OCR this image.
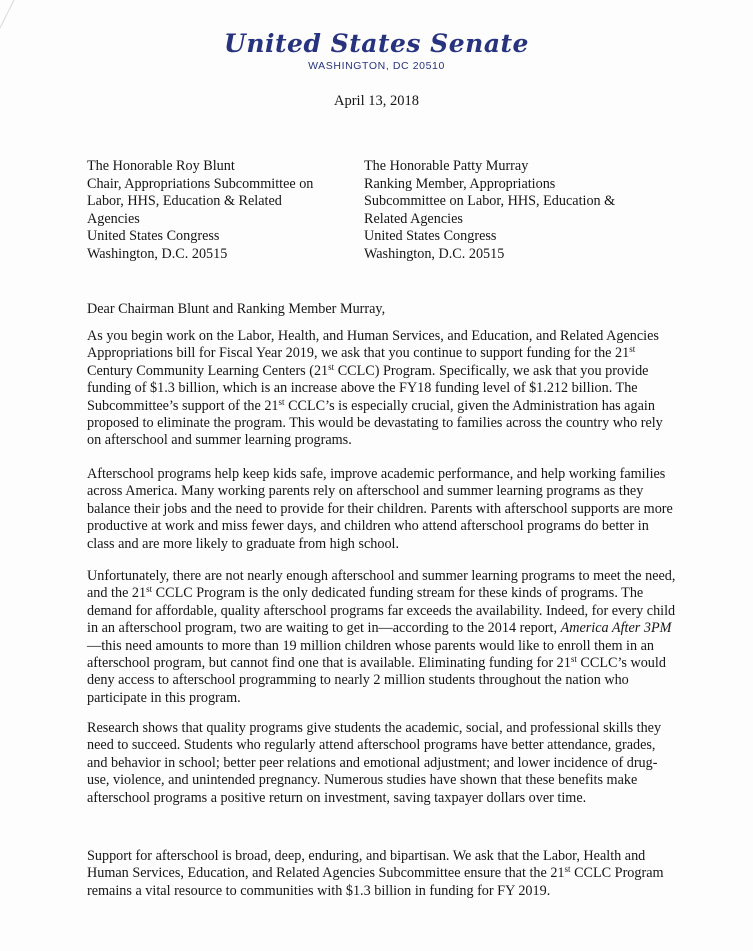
United States Senate
WASHINGTON, DC 20510
April 13, 2018
The Honorable Roy Blunt
Chair, Appropriations Subcommittee on
Labor, HHS, Education & Related
Agencies
United States Congress
Washington, D.C. 20515
The Honorable Patty Murray
Ranking Member, Appropriations
Subcommittee on Labor, HHS, Education &
Related Agencies
United States Congress
Washington, D.C. 20515
Dear Chairman Blunt and Ranking Member Murray,
As you begin work on the Labor, Health, and Human Services, and Education, and Related Agencies Appropriations bill for Fiscal Year 2019, we ask that you continue to support funding for the 21st Century Community Learning Centers (21st CCLC) Program. Specifically, we ask that you provide funding of $1.3 billion, which is an increase above the FY18 funding level of $1.212 billion. The Subcommittee’s support of the 21st CCLC’s is especially crucial, given the Administration has again proposed to eliminate the program. This would be devastating to families across the country who rely on afterschool and summer learning programs.
Afterschool programs help keep kids safe, improve academic performance, and help working families across America. Many working parents rely on afterschool and summer learning programs as they balance their jobs and the need to provide for their children. Parents with afterschool supports are more productive at work and miss fewer days, and children who attend afterschool programs do better in class and are more likely to graduate from high school.
Unfortunately, there are not nearly enough afterschool and summer learning programs to meet the need, and the 21st CCLC Program is the only dedicated funding stream for these kinds of programs. The demand for affordable, quality afterschool programs far exceeds the availability. Indeed, for every child in an afterschool program, two are waiting to get in—according to the 2014 report, America After 3PM—this need amounts to more than 19 million children whose parents would like to enroll them in an afterschool program, but cannot find one that is available. Eliminating funding for 21st CCLC’s would deny access to afterschool programming to nearly 2 million students throughout the nation who participate in this program.
Research shows that quality programs give students the academic, social, and professional skills they need to succeed. Students who regularly attend afterschool programs have better attendance, grades, and behavior in school; better peer relations and emotional adjustment; and lower incidence of drug-use, violence, and unintended pregnancy. Numerous studies have shown that these benefits make afterschool programs a positive return on investment, saving taxpayer dollars over time.
Support for afterschool is broad, deep, enduring, and bipartisan. We ask that the Labor, Health and Human Services, Education, and Related Agencies Subcommittee ensure that the 21st CCLC Program remains a vital resource to communities with $1.3 billion in funding for FY 2019.
